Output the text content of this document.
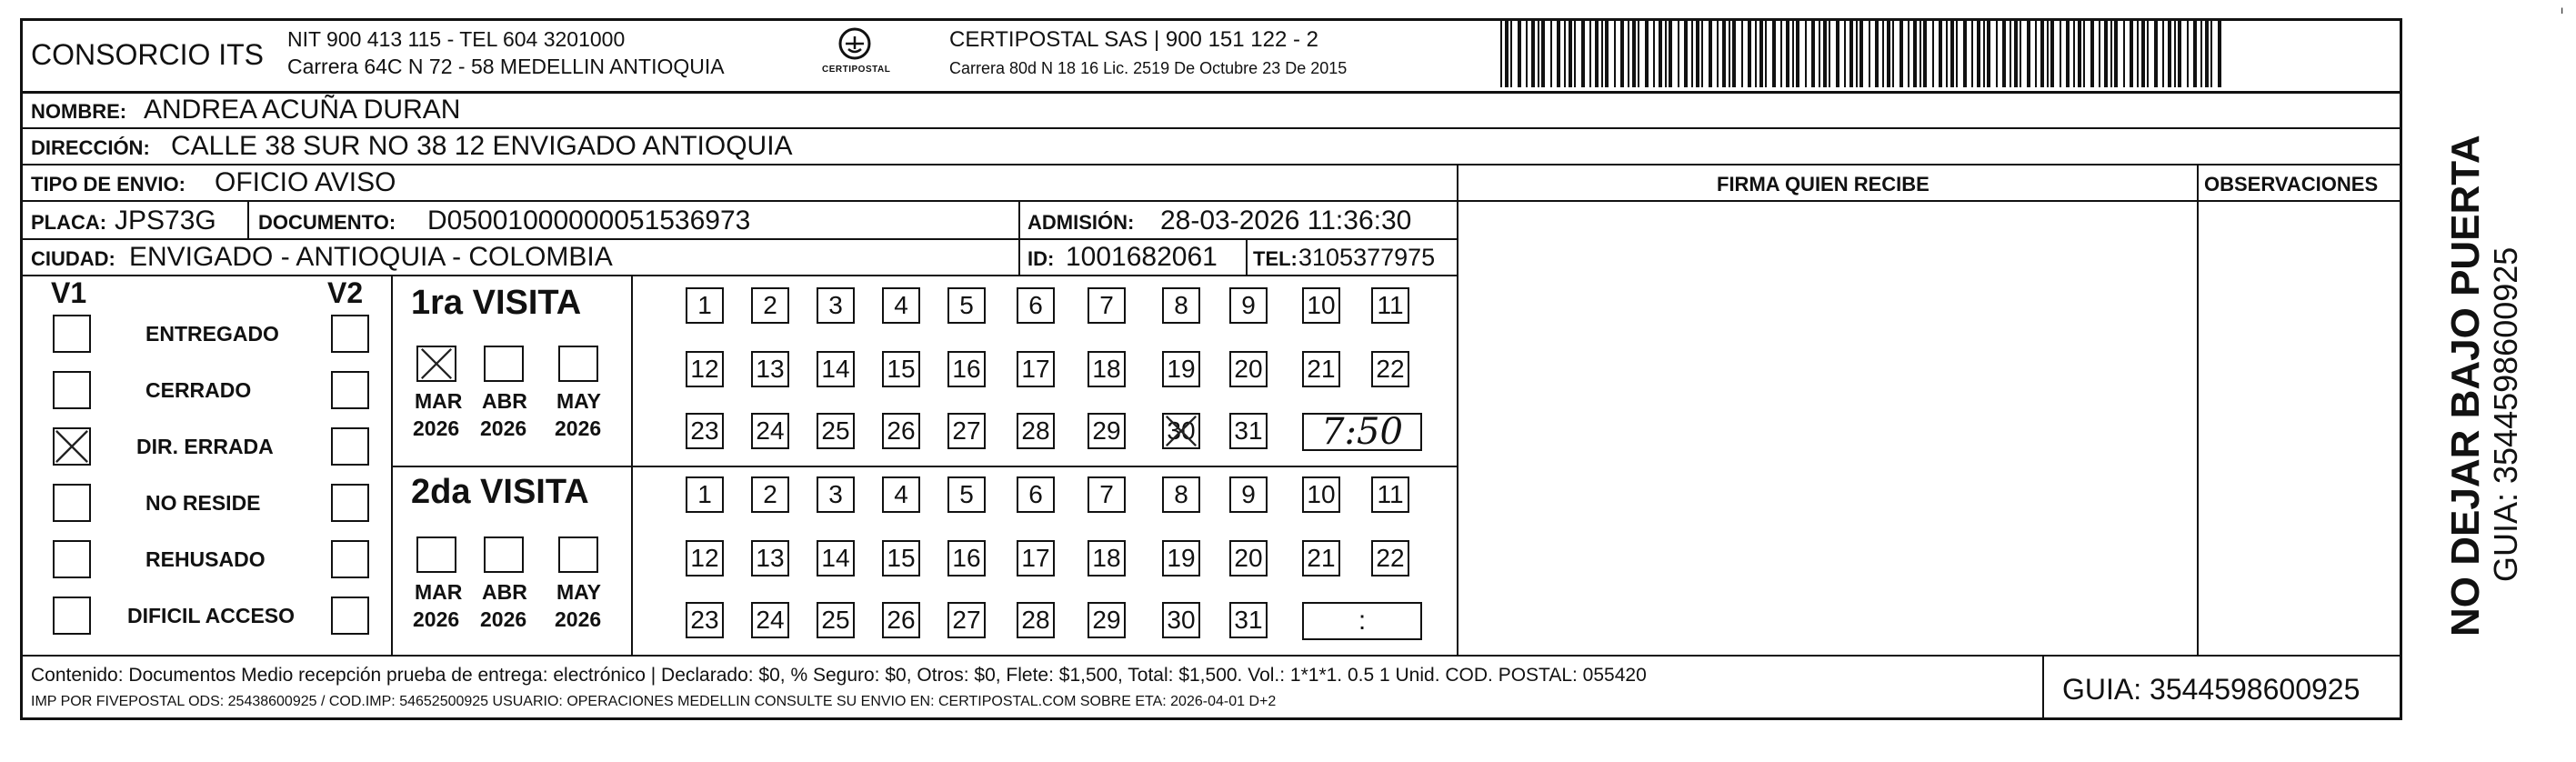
CONSORCIO ITS NIT 900 413 115 - TEL 604 3201000
Carrera 64C N 72 - 58 MEDELLIN ANTIOQUIA	CERTIPOSTAL
CERTIPOSTAL SAS | 900 151 122 - 2
Carrera 80d N 18 16 Lic. 2519 De Octubre 23 De 2015
NOMBRE: ANDREA ACUÑA DURAN
DIRECCIÓN: CALLE 38 SUR NO 38 12 ENVIGADO ANTIOQUIA
TIPO DE ENVIO: OFICIO AVISO	FIRMA QUIEN RECIBE	OBSERVACIONES
PLACA: JPS73G DOCUMENTO: D05001000000051536973	ADMISIÓN: 28-03-2026 11:36:30
CIUDAD: ENVIGADO - ANTIOQUIA - COLOMBIA	ID: 1001682061 TEL: 3105377975
V1	V2
ENTREGADO
CERRADO
DIR. ERRADA
NO RESIDE
REHUSADO
DIFICIL ACCESO
1ra VISITA
MAR
2026
ABR
2026
MAY
2026
1	2	3	4	5	6	7	8	9	10 11
12 13 14 15 16 17 18 19 20 21 22
23 24 25 26 27 28 29 30 31	7:50
2da VISITA
MAR
2026
ABR
2026
MAY
2026
1	2	3	4	5	6	7	8	9	10 11
12 13 14 15 16 17 18 19 20 21 22
23 24 25 26 27 28 29 30 31	:
Contenido: Documentos Medio recepción prueba de entrega: electrónico | Declarado: $0, % Seguro: $0, Otros: $0, Flete: $1,500, Total: $1,500. Vol.: 1*1*1. 0.5 1 Unid. COD. POSTAL: 055420
IMP POR FIVEPOSTAL ODS: 25438600925 / COD.IMP: 54652500925 USUARIO: OPERACIONES MEDELLIN CONSULTE SU ENVIO EN: CERTIPOSTAL.COM SOBRE ETA: 2026-04-01 D+2	GUIA: 3544598600925
NO DEJAR BAJO PUERTA GUIA: 3544598600925
ı
